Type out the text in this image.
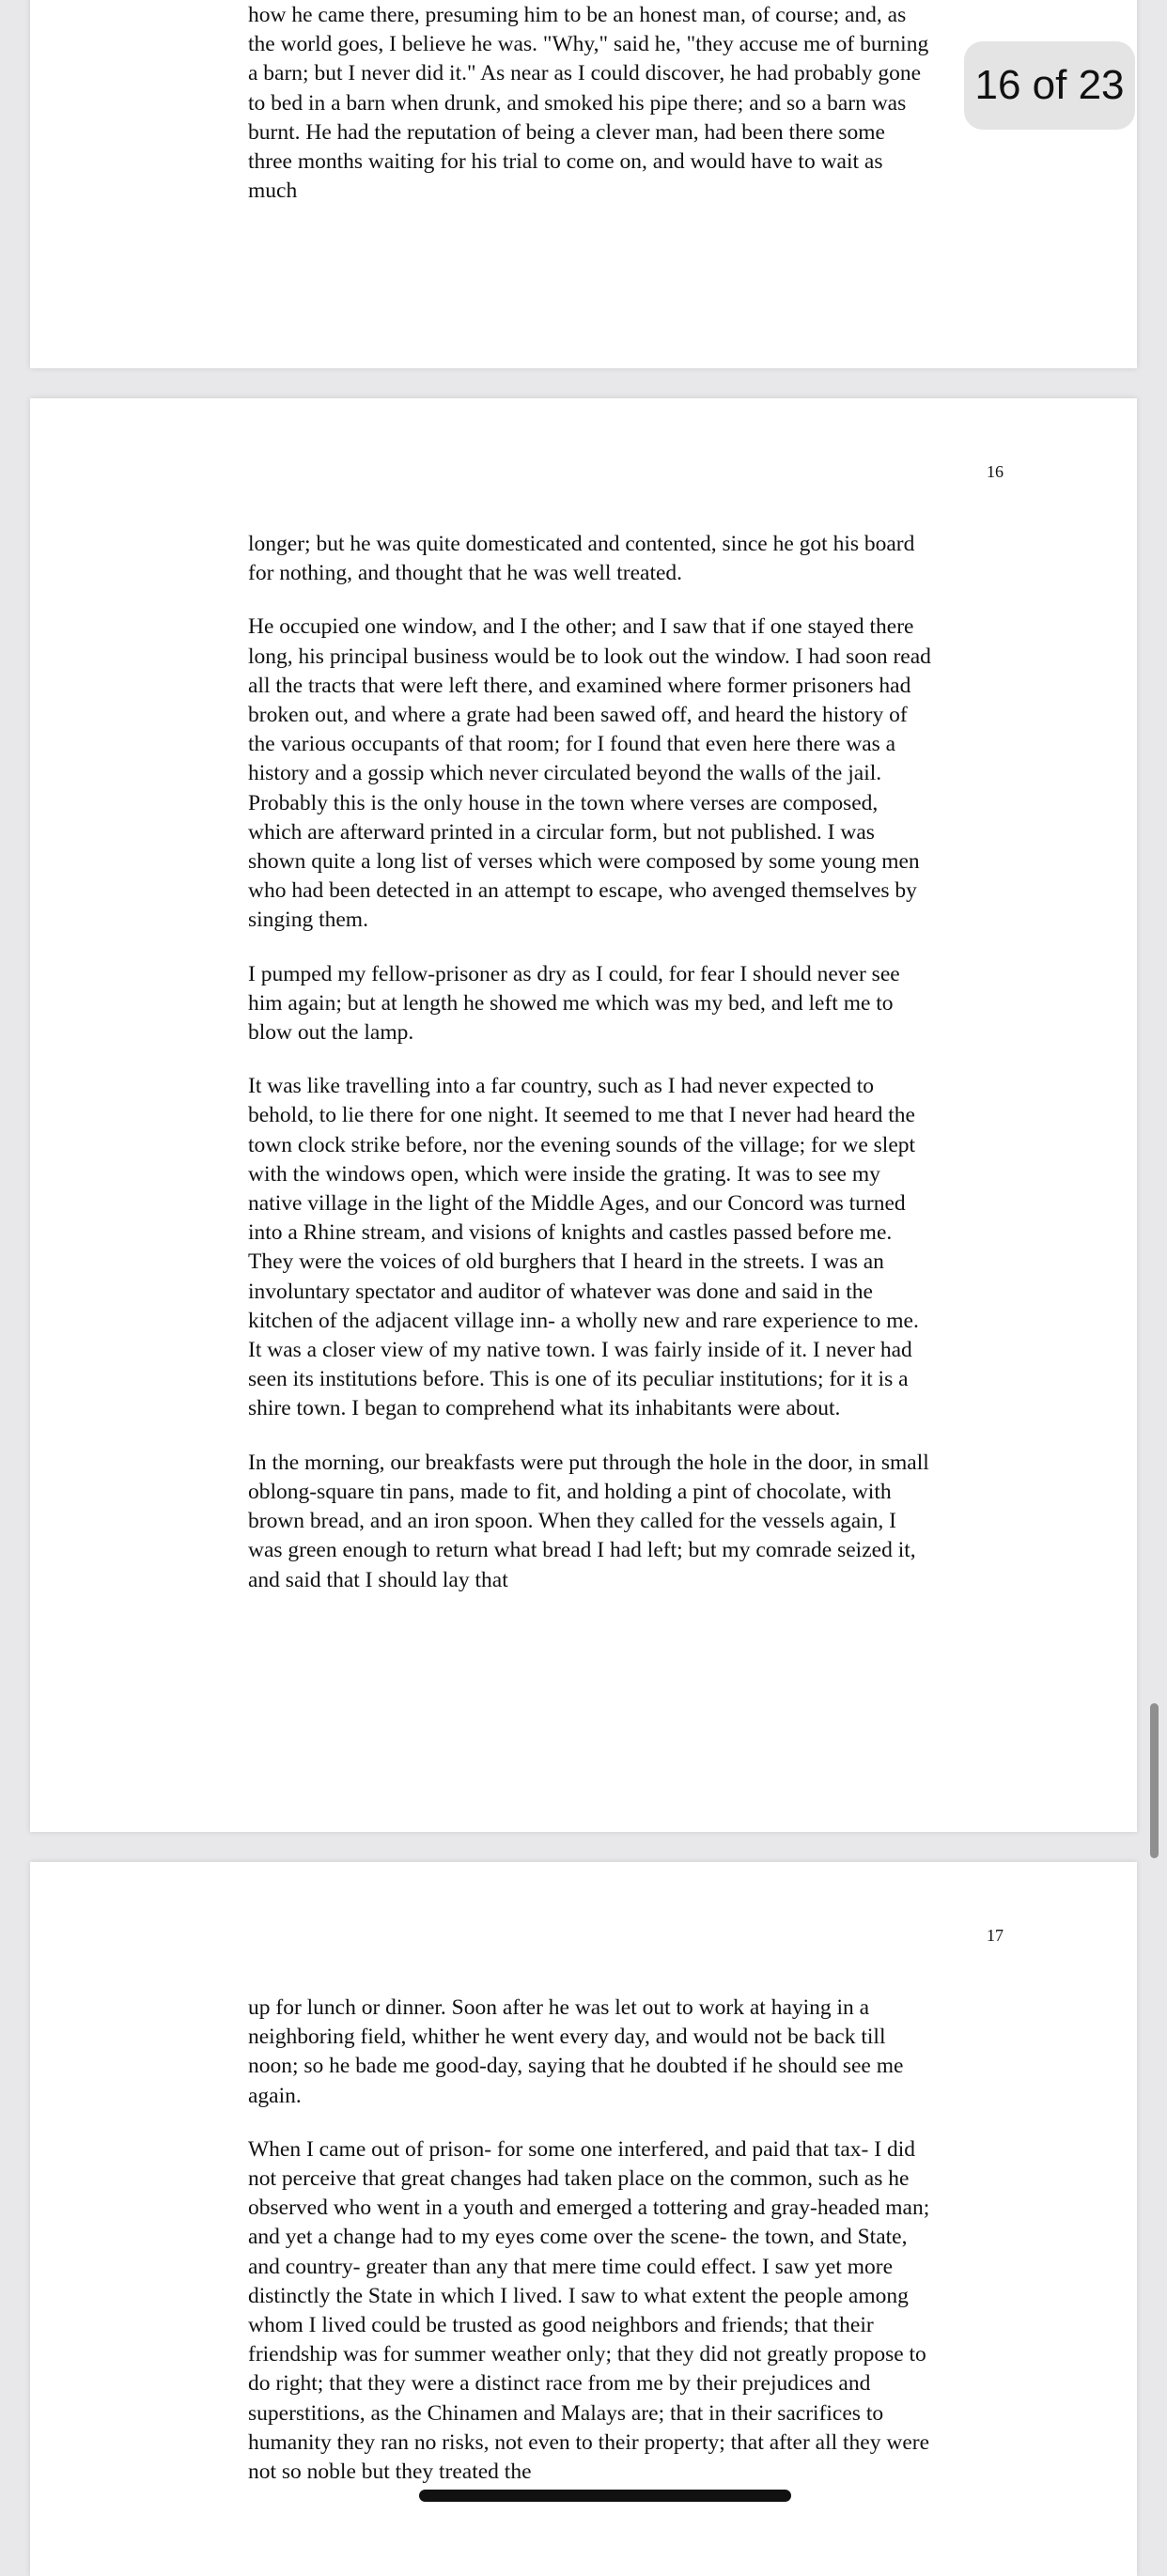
how he came there, presuming him to be an honest man, of course; and, as the world goes, I believe he was. "Why," said he, "they accuse me of burning a barn; but I never did it." As near as I could discover, he had probably gone to bed in a barn when drunk, and smoked his pipe there; and so a barn was burnt. He had the reputation of being a clever man, had been there some three months waiting for his trial to come on, and would have to wait as much

16

longer; but he was quite domesticated and contented, since he got his board for nothing, and thought that he was well treated.

He occupied one window, and I the other; and I saw that if one stayed there long, his principal business would be to look out the window. I had soon read all the tracts that were left there, and examined where former prisoners had broken out, and where a grate had been sawed off, and heard the history of the various occupants of that room; for I found that even here there was a history and a gossip which never circulated beyond the walls of the jail. Probably this is the only house in the town where verses are composed, which are afterward printed in a circular form, but not published. I was shown quite a long list of verses which were composed by some young men who had been detected in an attempt to escape, who avenged themselves by singing them.

I pumped my fellow-prisoner as dry as I could, for fear I should never see him again; but at length he showed me which was my bed, and left me to blow out the lamp.

It was like travelling into a far country, such as I had never expected to behold, to lie there for one night. It seemed to me that I never had heard the town clock strike before, nor the evening sounds of the village; for we slept with the windows open, which were inside the grating. It was to see my native village in the light of the Middle Ages, and our Concord was turned into a Rhine stream, and visions of knights and castles passed before me. They were the voices of old burghers that I heard in the streets. I was an involuntary spectator and auditor of whatever was done and said in the kitchen of the adjacent village inn- a wholly new and rare experience to me. It was a closer view of my native town. I was fairly inside of it. I never had seen its institutions before. This is one of its peculiar institutions; for it is a shire town. I began to comprehend what its inhabitants were about.

In the morning, our breakfasts were put through the hole in the door, in small oblong-square tin pans, made to fit, and holding a pint of chocolate, with brown bread, and an iron spoon. When they called for the vessels again, I was green enough to return what bread I had left; but my comrade seized it, and said that I should lay that

17

up for lunch or dinner. Soon after he was let out to work at haying in a neighboring field, whither he went every day, and would not be back till noon; so he bade me good-day, saying that he doubted if he should see me again.

When I came out of prison- for some one interfered, and paid that tax- I did not perceive that great changes had taken place on the common, such as he observed who went in a youth and emerged a tottering and gray-headed man; and yet a change had to my eyes come over the scene- the town, and State, and country- greater than any that mere time could effect. I saw yet more distinctly the State in which I lived. I saw to what extent the people among whom I lived could be trusted as good neighbors and friends; that their friendship was for summer weather only; that they did not greatly propose to do right; that they were a distinct race from me by their prejudices and superstitions, as the Chinamen and Malays are; that in their sacrifices to humanity they ran no risks, not even to their property; that after all they were not so noble but they treated the

16 of 23
